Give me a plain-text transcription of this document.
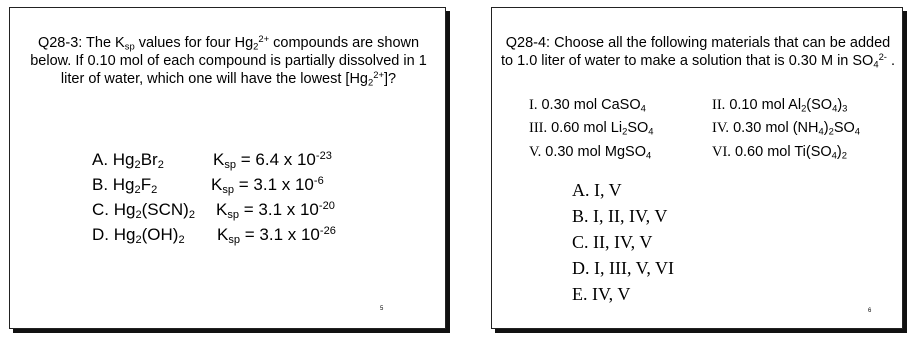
Q28-3: The $K_{sp}$ values for four $Hg_2^{2+}$ compounds are shown below. If 0.10 mol of each compound is partially dissolved in 1 liter of water, which one will have the lowest $[Hg_2^{2+}]$?
A. $Hg_2Br_2$	$K_{sp} = 6.4$ x $10^{-23}$
B. $Hg_2F_2$	$K_{sp} = 3.1$ x $10^{-6}$
C. $Hg_2(SCN)_2$ $K_{sp} = 3.1$ x $10^{-20}$
D. $Hg_2(OH)_2$ $K_{sp} = 3.1$ x $10^{-26}$
5
Q28-4: Choose all the following materials that can be added to 1.0 liter of water to make a solution that is 0.30 M in $SO_4^{2-}$ .
I. 0.30 mol CaSO$_4$	II. 0.10 mol $Al_2(SO_4)_3$
III. 0.60 mol $Li_2SO_4$	IV. 0.30 mol $(NH_4)_2SO_4$
V. 0.30 mol MgSO$_4$	VI. 0.60 mol $Ti(SO_4)_2$
A. I, V
B. I, II, IV, V
C. II, IV, V
D. I, III, V, VI
E. IV, V
6
